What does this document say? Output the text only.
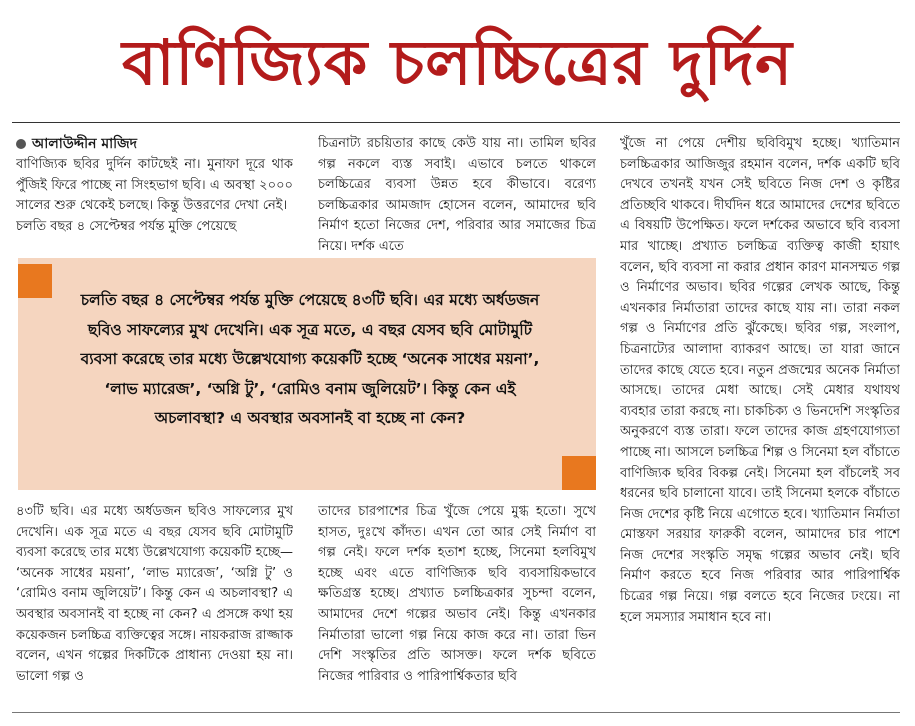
বাণিজ্যিক চলচ্চিত্রের দুর্দিন

আলাউদ্দীন মাজিদ

বাণিজ্যিক ছবির দুর্দিন কাটছেই না। মুনাফা দূরে থাক পুঁজিই ফিরে পাচ্ছে না সিংহভাগ ছবি। এ অবস্থা ২০০০ সালের শুরু থেকেই চলছে। কিন্তু উত্তরণের দেখা নেই।

চলতি বছর ৪ সেপ্টেম্বর পর্যন্ত মুক্তি পেয়েছে

চিত্রনাট্য রচয়িতার কাছে কেউ যায় না। তামিল ছবির গল্প নকলে ব্যস্ত সবাই। এভাবে চলতে থাকলে চলচ্চিত্রের ব্যবসা উন্নত হবে কীভাবে। বরেণ্য চলচ্চিত্রকার আমজাদ হোসেন বলেন, আমাদের ছবি নির্মাণ হতো নিজের দেশ, পরিবার আর সমাজের চিত্র নিয়ে। দর্শক এতে

খুঁজে না পেয়ে দেশীয় ছবিবিমুখ হচ্ছে। খ্যাতিমান চলচ্চিত্রকার আজিজুর রহমান বলেন, দর্শক একটি ছবি দেখবে তখনই যখন সেই ছবিতে নিজ দেশ ও কৃষ্টির প্রতিচ্ছবি থাকবে। দীর্ঘদিন ধরে আমাদের দেশের ছবিতে এ বিষয়টি উপেক্ষিত। ফলে দর্শকের অভাবে ছবি ব্যবসা মার খাচ্ছে। প্রখ্যাত চলচ্চিত্র ব্যক্তিত্ব কাজী হায়াৎ বলেন, ছবি ব্যবসা না করার প্রধান কারণ মানসম্মত গল্প ও নির্মাণের অভাব। ছবির গল্পের লেখক আছে, কিন্তু এখনকার নির্মাতারা তাদের কাছে যায় না। তারা নকল গল্প ও নির্মাণের প্রতি ঝুঁকেছে। ছবির গল্প, সংলাপ, চিত্রনাট্যের আলাদা ব্যাকরণ আছে। তা যারা জানে তাদের কাছে যেতে হবে। নতুন প্রজন্মের অনেক নির্মাতা আসছে। তাদের মেধা আছে। সেই মেধার যথাযথ ব্যবহার তারা করছে না। চাকচিক্য ও ভিনদেশি সংস্কৃতির অনুকরণে ব্যস্ত তারা। ফলে তাদের কাজ গ্রহণযোগ্যতা পাচ্ছে না। আসলে চলচ্চিত্র শিল্প ও সিনেমা হল বাঁচাতে বাণিজ্যিক ছবির বিকল্প নেই। সিনেমা হল বাঁচলেই সব ধরনের ছবি চালানো যাবে। তাই সিনেমা হলকে বাঁচাতে নিজ দেশের কৃষ্টি নিয়ে এগোতে হবে। খ্যাতিমান নির্মাতা মোস্তফা সরয়ার ফারুকী বলেন, আমাদের চার পাশে নিজ দেশের সংস্কৃতি সমৃদ্ধ গল্পের অভাব নেই। ছবি নির্মাণ করতে হবে নিজ পরিবার আর পারিপার্শ্বিক চিত্রের গল্প নিয়ে। গল্প বলতে হবে নিজের ঢংয়ে। না হলে সমস্যার সমাধান হবে না।

চলতি বছর ৪ সেপ্টেম্বর পর্যন্ত মুক্তি পেয়েছে ৪৩টি ছবি। এর মধ্যে অর্ধডজন ছবিও সাফল্যের মুখ দেখেনি। এক সূত্র মতে, এ বছর যেসব ছবি মোটামুটি ব্যবসা করেছে তার মধ্যে উল্লেখযোগ্য কয়েকটি হচ্ছে ‘অনেক সাধের ময়না’, ‘লাভ ম্যারেজ’, ‘অগ্নি টু’, ‘রোমিও বনাম জুলিয়েট’। কিন্তু কেন এই অচলাবস্থা? এ অবস্থার অবসানই বা হচ্ছে না কেন?

৪৩টি ছবি। এর মধ্যে অর্ধডজন ছবিও সাফল্যের মুখ দেখেনি। এক সূত্র মতে এ বছর যেসব ছবি মোটামুটি ব্যবসা করেছে তার মধ্যে উল্লেখযোগ্য কয়েকটি হচ্ছে— ‘অনেক সাধের ময়না’, ‘লাভ ম্যারেজ’, ‘অগ্নি টু’ ও ‘রোমিও বনাম জুলিয়েট’। কিন্তু কেন এ অচলাবস্থা? এ অবস্থার অবসানই বা হচ্ছে না কেন? এ প্রসঙ্গে কথা হয় কয়েকজন চলচ্চিত্র ব্যক্তিত্বের সঙ্গে। নায়করাজ রাজ্জাক বলেন, এখন গল্পের দিকটিকে প্রাধান্য দেওয়া হয় না। ভালো গল্প ও

তাদের চারপাশের চিত্র খুঁজে পেয়ে মুগ্ধ হতো। সুখে হাসত, দুঃখে কাঁদত। এখন তো আর সেই নির্মাণ বা গল্প নেই। ফলে দর্শক হতাশ হচ্ছে, সিনেমা হলবিমুখ হচ্ছে এবং এতে বাণিজ্যিক ছবি ব্যবসায়িকভাবে ক্ষতিগ্রস্ত হচ্ছে। প্রখ্যাত চলচ্চিত্রকার সুচন্দা বলেন, আমাদের দেশে গল্পের অভাব নেই। কিন্তু এখনকার নির্মাতারা ভালো গল্প নিয়ে কাজ করে না। তারা ভিন দেশি সংস্কৃতির প্রতি আসক্ত। ফলে দর্শক ছবিতে নিজের পারিবার ও পারিপার্শ্বিকতার ছবি
